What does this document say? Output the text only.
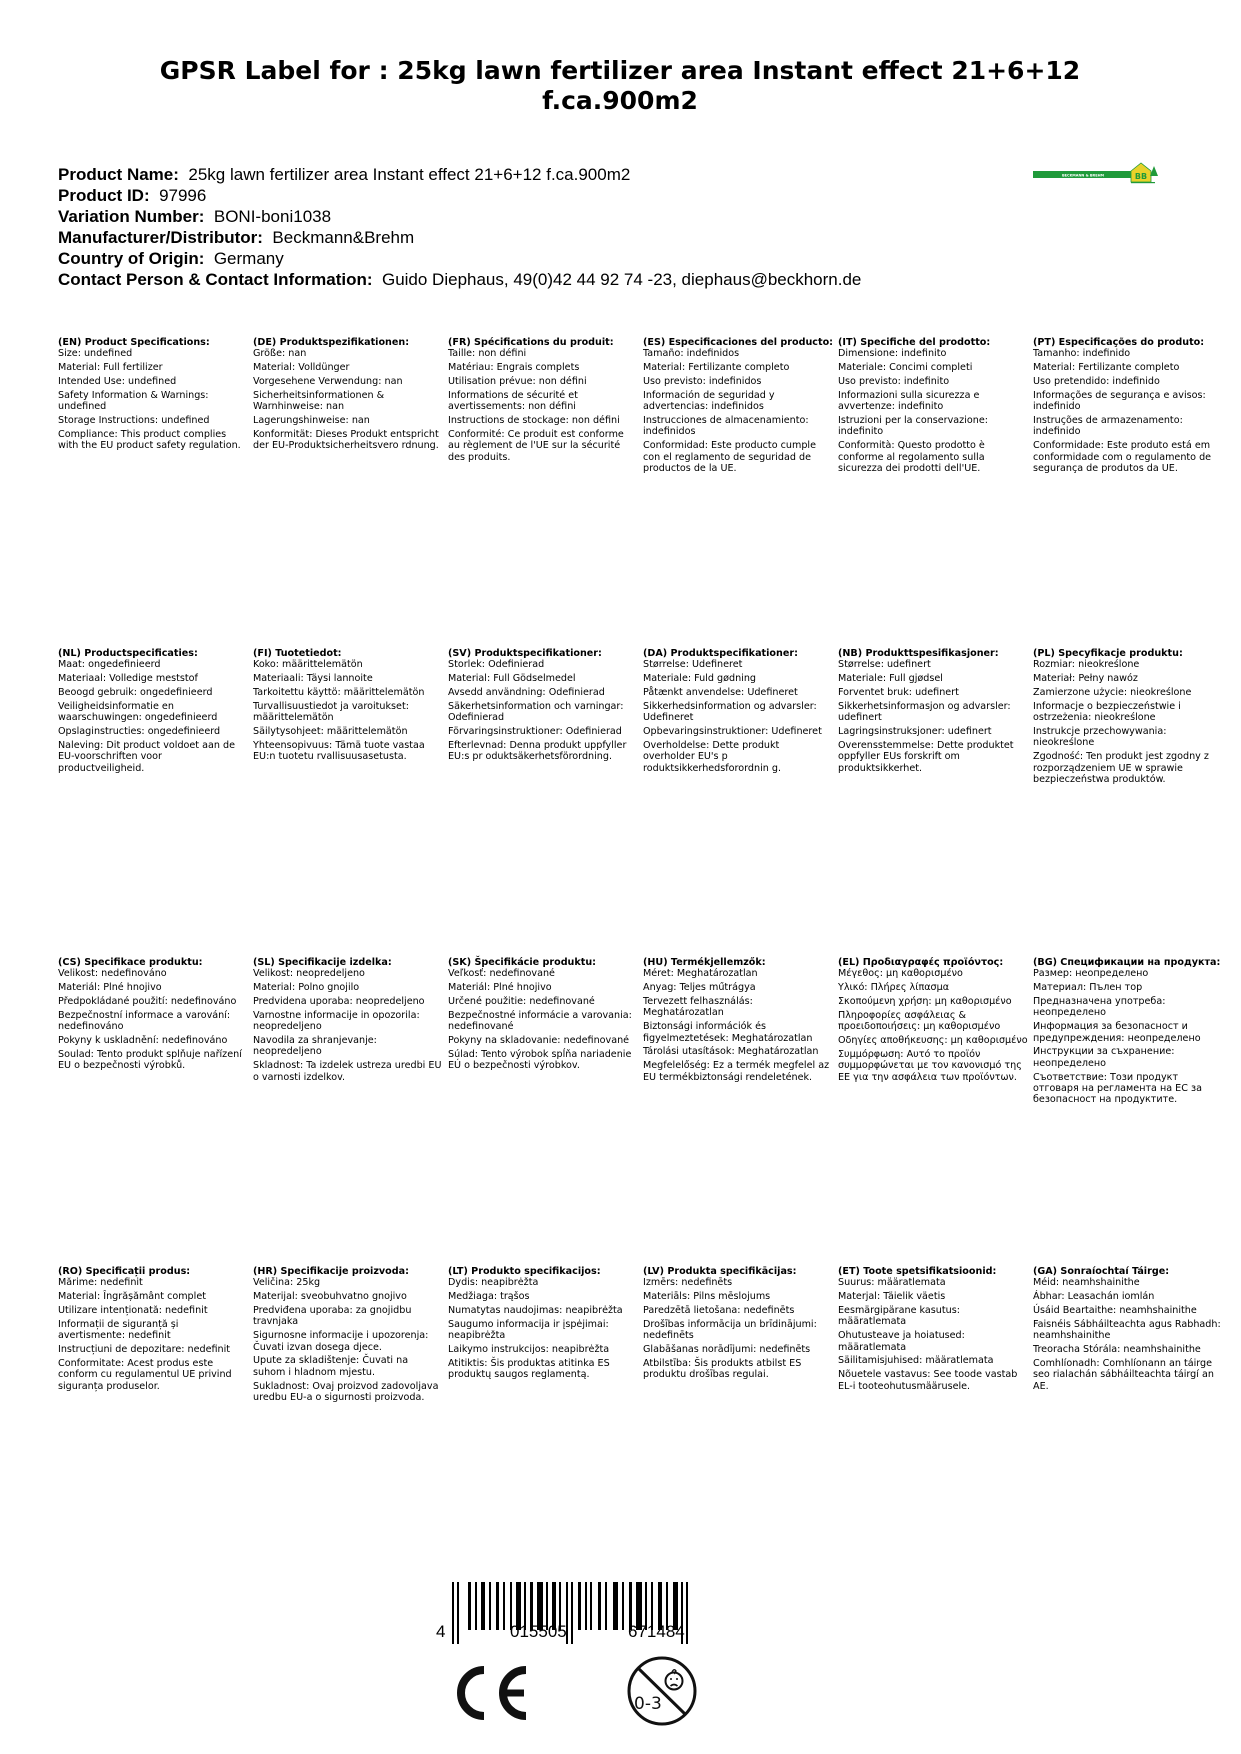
GPSR Label for : 25kg lawn fertilizer area Instant effect 21+6+12 f.ca.900m2
BECKMANN & BREHM	BB
Product Name: 25kg lawn fertilizer area Instant effect 21+6+12 f.ca.900m2
Product ID: 97996
Variation Number: BONI-boni1038
Manufacturer/Distributor: Beckmann&Brehm
Country of Origin: Germany
Contact Person & Contact Information: Guido Diephaus, 49(0)42 44 92 74 -23, diephaus@beckhorn.de
(EN) Product Specifications:
Size: undefined
Material: Full fertilizer
Intended Use: undefined
Safety Information & Warnings: undefined
Storage Instructions: undefined
Compliance: This product complies with the EU product safety regulation.
(DE) Produktspezifikationen:
Größe: nan
Material: Volldünger
Vorgesehene Verwendung: nan
Sicherheitsinformationen & Warnhinweise: nan
Lagerungshinweise: nan
Konformität: Dieses Produkt entspricht der EU-Produktsicherheitsvero rdnung.
(FR) Spécifications du produit:
Taille: non défini
Matériau: Engrais complets
Utilisation prévue: non défini
Informations de sécurité et avertissements: non défini
Instructions de stockage: non défini
Conformité: Ce produit est conforme au règlement de l'UE sur la sécurité des produits.
(ES) Especificaciones del producto:
Tamaño: indefinidos
Material: Fertilizante completo
Uso previsto: indefinidos
Información de seguridad y advertencias: indefinidos
Instrucciones de almacenamiento: indefinidos
Conformidad: Este producto cumple con el reglamento de seguridad de productos de la UE.
(IT) Specifiche del prodotto:
Dimensione: indefinito
Materiale: Concimi completi
Uso previsto: indefinito
Informazioni sulla sicurezza e avvertenze: indefinito
Istruzioni per la conservazione: indefinito
Conformità: Questo prodotto è conforme al regolamento sulla sicurezza dei prodotti dell'UE.
(PT) Especificações do produto:
Tamanho: indefinido
Material: Fertilizante completo
Uso pretendido: indefinido
Informações de segurança e avisos: indefinido
Instruções de armazenamento: indefinido
Conformidade: Este produto está em conformidade com o regulamento de segurança de produtos da UE.
(NL) Productspecificaties:
Maat: ongedefinieerd
Materiaal: Volledige meststof
Beoogd gebruik: ongedefinieerd
Veiligheidsinformatie en waarschuwingen: ongedefinieerd
Opslaginstructies: ongedefinieerd
Naleving: Dit product voldoet aan de EU-voorschriften voor productveiligheid.
(FI) Tuotetiedot:
Koko: määrittelemätön
Materiaali: Täysi lannoite
Tarkoitettu käyttö: määrittelemätön
Turvallisuustiedot ja varoitukset: määrittelemätön
Säilytysohjeet: määrittelemätön
Yhteensopivuus: Tämä tuote vastaa EU:n tuotetu rvallisuusasetusta.
(SV) Produktspecifikationer:
Storlek: Odefinierad
Material: Full Gödselmedel
Avsedd användning: Odefinierad
Säkerhetsinformation och varningar: Odefinierad
Förvaringsinstruktioner: Odefinierad
Efterlevnad: Denna produkt uppfyller EU:s pr oduktsäkerhetsförordning.
(DA) Produktspecifikationer:
Størrelse: Udefineret
Materiale: Fuld gødning
Påtænkt anvendelse: Udefineret
Sikkerhedsinformation og advarsler: Udefineret
Opbevaringsinstruktioner: Udefineret
Overholdelse: Dette produkt overholder EU's p roduktsikkerhedsforordnin g.
(NB) Produkttspesifikasjoner:
Størrelse: udefinert
Materiale: Full gjødsel
Forventet bruk: udefinert
Sikkerhetsinformasjon og advarsler: udefinert
Lagringsinstruksjoner: udefinert
Overensstemmelse: Dette produktet oppfyller EUs forskrift om produktsikkerhet.
(PL) Specyfikacje produktu:
Rozmiar: nieokreślone
Materiał: Pełny nawóz
Zamierzone użycie: nieokreślone
Informacje o bezpieczeństwie i ostrzeżenia: nieokreślone
Instrukcje przechowywania: nieokreślone
Zgodność: Ten produkt jest zgodny z rozporządzeniem UE w sprawie bezpieczeństwa produktów.
(CS) Specifikace produktu:
Velikost: nedefinováno
Materiál: Plné hnojivo
Předpokládané použití: nedefinováno
Bezpečnostní informace a varování: nedefinováno
Pokyny k uskladnění: nedefinováno
Soulad: Tento produkt splňuje nařízení EU o bezpečnosti výrobků.
(SL) Specifikacije izdelka:
Velikost: neopredeljeno
Material: Polno gnojilo
Predvidena uporaba: neopredeljeno
Varnostne informacije in opozorila: neopredeljeno
Navodila za shranjevanje: neopredeljeno
Skladnost: Ta izdelek ustreza uredbi EU o varnosti izdelkov.
(SK) Špecifikácie produktu:
Veľkosť: nedefinované
Materiál: Plné hnojivo
Určené použitie: nedefinované
Bezpečnostné informácie a varovania: nedefinované
Pokyny na skladovanie: nedefinované
Súlad: Tento výrobok spĺňa nariadenie EÚ o bezpečnosti výrobkov.
(HU) Termékjellemzők:
Méret: Meghatározatlan
Anyag: Teljes műtrágya
Tervezett felhasználás: Meghatározatlan
Biztonsági információk és figyelmeztetések: Meghatározatlan
Tárolási utasítások: Meghatározatlan
Megfelelőség: Ez a termék megfelel az EU termékbiztonsági rendeletének.
(EL) Προδιαγραφές προϊόντος:
Μέγεθος: μη καθορισμένο
Υλικό: Πλήρες λίπασμα
Σκοπούμενη χρήση: μη καθορισμένο
Πληροφορίες ασφάλειας & προειδοποιήσεις: μη καθορισμένο
Οδηγίες αποθήκευσης: μη καθορισμένο
Συμμόρφωση: Αυτό το προϊόν συμμορφώνεται με τον κανονισμό της ΕΕ για την ασφάλεια των προϊόντων.
(BG) Спецификации на продукта:
Размер: неопределено
Материал: Пълен тор
Предназначена употреба: неопределено
Информация за безопасност и предупреждения: неопределено
Инструкции за съхранение: неопределено
Съответствие: Този продукт отговаря на регламента на ЕС за безопасност на продуктите.
(RO) Specificații produs:
Mărime: nedefinit
Material: Îngrășământ complet
Utilizare intenționată: nedefinit
Informații de siguranță și avertismente: nedefinit
Instrucțiuni de depozitare: nedefinit
Conformitate: Acest produs este conform cu regulamentul UE privind siguranța produselor.
(HR) Specifikacije proizvoda:
Veličina: 25kg
Materijal: sveobuhvatno gnojivo
Predviđena uporaba: za gnojidbu travnjaka
Sigurnosne informacije i upozorenja: Čuvati izvan dosega djece.
Upute za skladištenje: Čuvati na suhom i hladnom mjestu.
Sukladnost: Ovaj proizvod zadovoljava uredbu EU-a o sigurnosti proizvoda.
(LT) Produkto specifikacijos:
Dydis: neapibrėžta
Medžiaga: trąšos
Numatytas naudojimas: neapibrėžta
Saugumo informacija ir įspėjimai: neapibrėžta
Laikymo instrukcijos: neapibrėžta
Atitiktis: Šis produktas atitinka ES produktų saugos reglamentą.
(LV) Produkta specifikācijas:
Izmērs: nedefinēts
Materiāls: Pilns mēslojums
Paredzētā lietošana: nedefinēts
Drošības informācija un brīdinājumi: nedefinēts
Glabāšanas norādījumi: nedefinēts
Atbilstība: Šis produkts atbilst ES produktu drošības regulai.
(ET) Toote spetsifikatsioonid:
Suurus: määratlemata
Materjal: Täielik väetis
Eesmärgipärane kasutus: määratlemata
Ohutusteave ja hoiatused: määratlemata
Säilitamisjuhised: määratlemata
Nõuetele vastavus: See toode vastab EL-i tooteohutusmäärusele.
(GA) Sonraíochtaí Táirge:
Méid: neamhshainithe
Ábhar: Leasachán iomlán
Úsáid Beartaithe: neamhshainithe
Faisnéis Sábháilteachta agus Rabhadh: neamhshainithe
Treoracha Stórála: neamhshainithe
Comhlíonadh: Comhlíonann an táirge seo rialachán sábháilteachta táirgí an AE.
4	015505	671484
0-3
